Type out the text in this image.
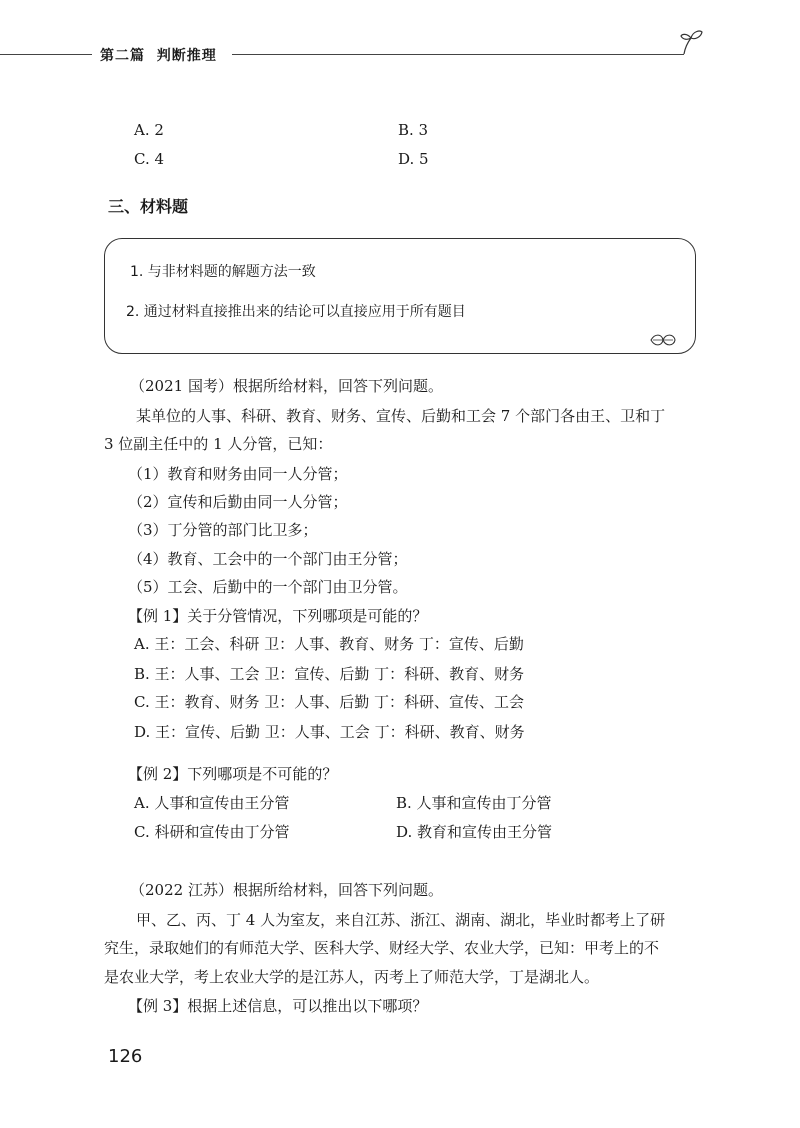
第二篇  判断推理
A. 2	B. 3
C. 4	D. 5
三、材料题
1. 与非材料题的解题方法一致
2. 通过材料直接推出来的结论可以直接应用于所有题目
（2021 国考）根据所给材料，回答下列问题。
某单位的人事、科研、教育、财务、宣传、后勤和工会 7 个部门各由王、卫和丁
3 位副主任中的 1 人分管，已知：
（1）教育和财务由同一人分管；
（2）宣传和后勤由同一人分管；
（3）丁分管的部门比卫多；
（4）教育、工会中的一个部门由王分管；
（5）工会、后勤中的一个部门由卫分管。
【例 1】关于分管情况，下列哪项是可能的？
A. 王：工会、科研 卫：人事、教育、财务 丁：宣传、后勤
B. 王：人事、工会 卫：宣传、后勤 丁：科研、教育、财务
C. 王：教育、财务 卫：人事、后勤 丁：科研、宣传、工会
D. 王：宣传、后勤 卫：人事、工会 丁：科研、教育、财务
【例 2】下列哪项是不可能的？
A. 人事和宣传由王分管	B. 人事和宣传由丁分管
C. 科研和宣传由丁分管	D. 教育和宣传由王分管
（2022 江苏）根据所给材料，回答下列问题。
甲、乙、丙、丁 4 人为室友，来自江苏、浙江、湖南、湖北，毕业时都考上了研
究生，录取她们的有师范大学、医科大学、财经大学、农业大学，已知：甲考上的不
是农业大学，考上农业大学的是江苏人，丙考上了师范大学，丁是湖北人。
【例 3】根据上述信息，可以推出以下哪项？
126
